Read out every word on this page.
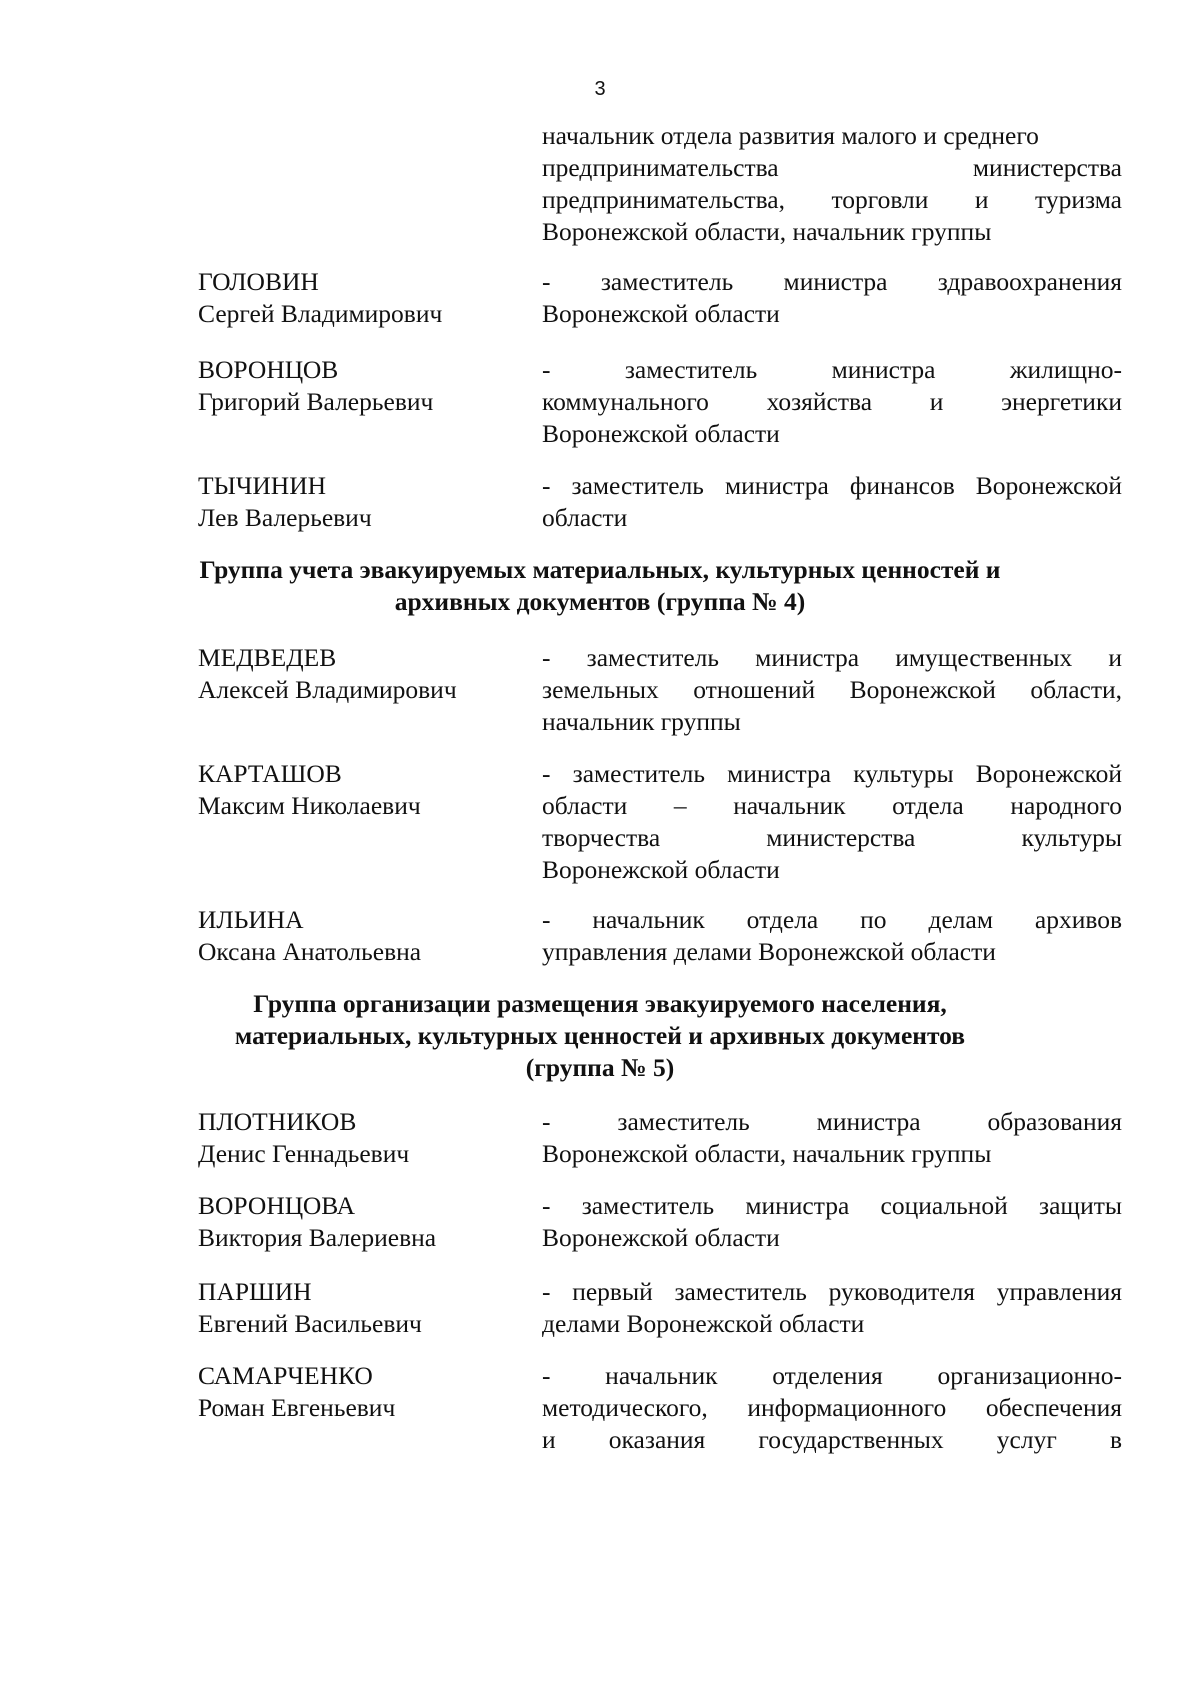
3
начальник отдела развития малого и среднего
предпринимательства министерства
предпринимательства, торговли и туризма
Воронежской области, начальник группы
ГОЛОВИН
Сергей Владимирович
- заместитель министра здравоохранения
Воронежской области
ВОРОНЦОВ
Григорий Валерьевич
- заместитель министра жилищно-
коммунального хозяйства и энергетики
Воронежской области
ТЫЧИНИН
Лев Валерьевич
- заместитель министра финансов Воронежской
области
Группа учета эвакуируемых материальных, культурных ценностей и
архивных документов (группа № 4)
МЕДВЕДЕВ
Алексей Владимирович
- заместитель министра имущественных и
земельных отношений Воронежской области,
начальник группы
КАРТАШОВ
Максим Николаевич
- заместитель министра культуры Воронежской
области – начальник отдела народного
творчества министерства культуры
Воронежской области
ИЛЬИНА
Оксана Анатольевна
- начальник отдела по делам архивов
управления делами Воронежской области
Группа организации размещения эвакуируемого населения,
материальных, культурных ценностей и архивных документов
(группа № 5)
ПЛОТНИКОВ
Денис Геннадьевич
- заместитель министра образования
Воронежской области, начальник группы
ВОРОНЦОВА
Виктория Валериевна
- заместитель министра социальной защиты
Воронежской области
ПАРШИН
Евгений Васильевич
- первый заместитель руководителя управления
делами Воронежской области
САМАРЧЕНКО
Роман Евгеньевич
- начальник отделения организационно-
методического, информационного обеспечения
и оказания государственных услуг в
